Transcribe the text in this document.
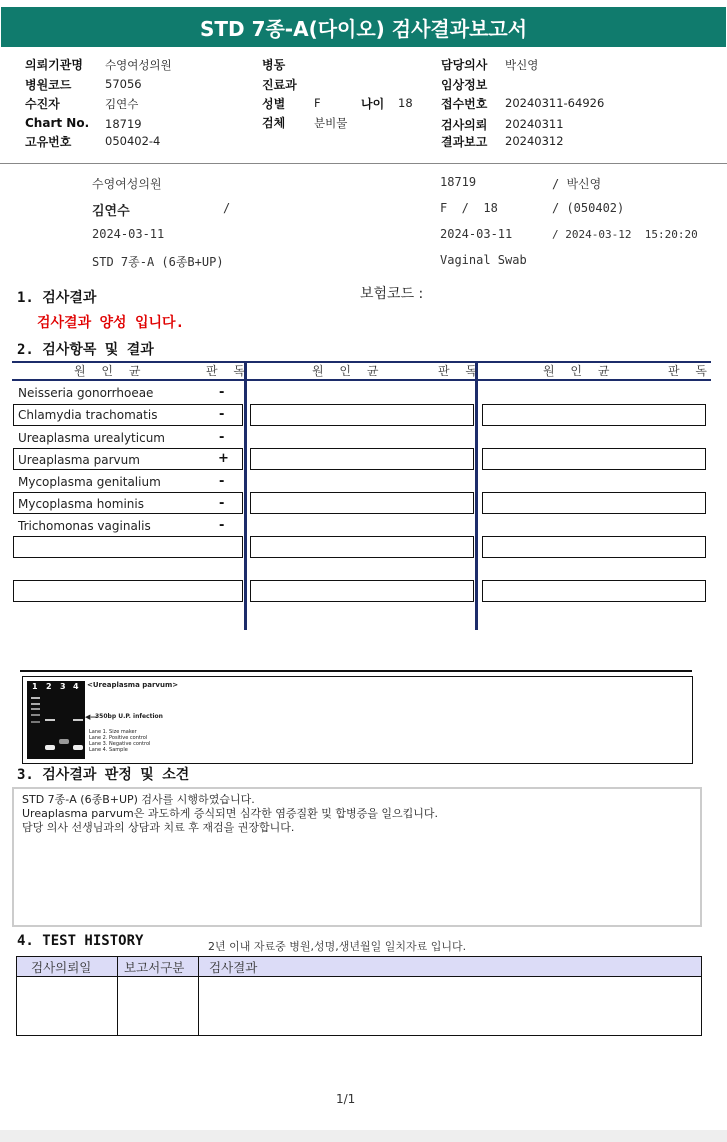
STD 7종-A(다이오) 검사결과보고서
의뢰기관명 수영여성의원	병동	담당의사 박신영
병원코드	57056	진료과	임상정보
수진자	김연수	성별	F	나이 18 접수번호 20240311-64926
Chart No. 18719	검체	분비물	검사의뢰 20240311
고유번호	050402-4	결과보고 20240312
수영여성의원	18719	/ 박신영
김연수	/	F  /  18	/ (050402)
2024-03-11	2024-03-11	/ 2024-03-12  15:20:20
STD 7종-A (6종B+UP)	Vaginal Swab
1. 검사결과	보험코드 :
검사결과 양성 입니다.
2. 검사항목 및 결과
원 인 균	판 독	원 인 균	판 독	원 인 균	판 독
Neisseria gonorrhoeae	-
Chlamydia trachomatis	-
Ureaplasma urealyticum	-
Ureaplasma parvum	+
Mycoplasma genitalium	-
Mycoplasma hominis	-
Trichomonas vaginalis	-
1 2 3 4 <Ureaplasma parvum>
◀—
350bp U.P. infection
Lane 1. Size maker
Lane 2. Positive control
Lane 3. Negative control
Lane 4. Sample
3. 검사결과 판정 및 소견
STD 7종-A (6종B+UP) 검사를 시행하였습니다.
Ureaplasma parvum은 과도하게 증식되면 심각한 염증질환 및 합병증을 일으킵니다.
담당 의사 선생님과의 상담과 치료 후 재검을 권장합니다.
4. TEST HISTORY	2년 이내 자료중 병원,성명,생년월일 일치자료 입니다.
검사의뢰일	보고서구분	검사결과

1/1
